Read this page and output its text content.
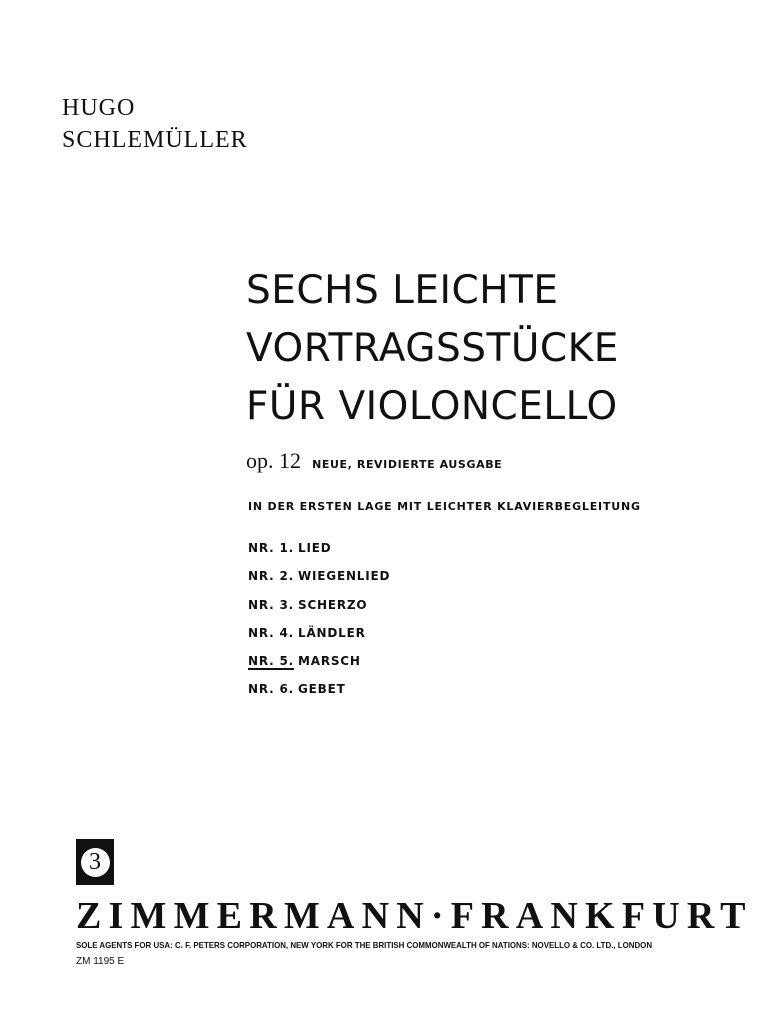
HUGO
SCHLEMÜLLER
SECHS LEICHTE
VORTRAGSSTÜCKE
FÜR VIOLONCELLO
op. 12 NEUE, REVIDIERTE AUSGABE
IN DER ERSTEN LAGE MIT LEICHTER KLAVIERBEGLEITUNG
NR. 1. LIED
NR. 2. WIEGENLIED
NR. 3. SCHERZO
NR. 4. LÄNDLER
NR. 5. MARSCH
NR. 6. GEBET
3
ZIMMERMANN·FRANKFURT
SOLE AGENTS FOR USA: C. F. PETERS CORPORATION, NEW YORK FOR THE BRITISH COMMONWEALTH OF NATIONS: NOVELLO & CO. LTD., LONDON
ZM 1195 E
